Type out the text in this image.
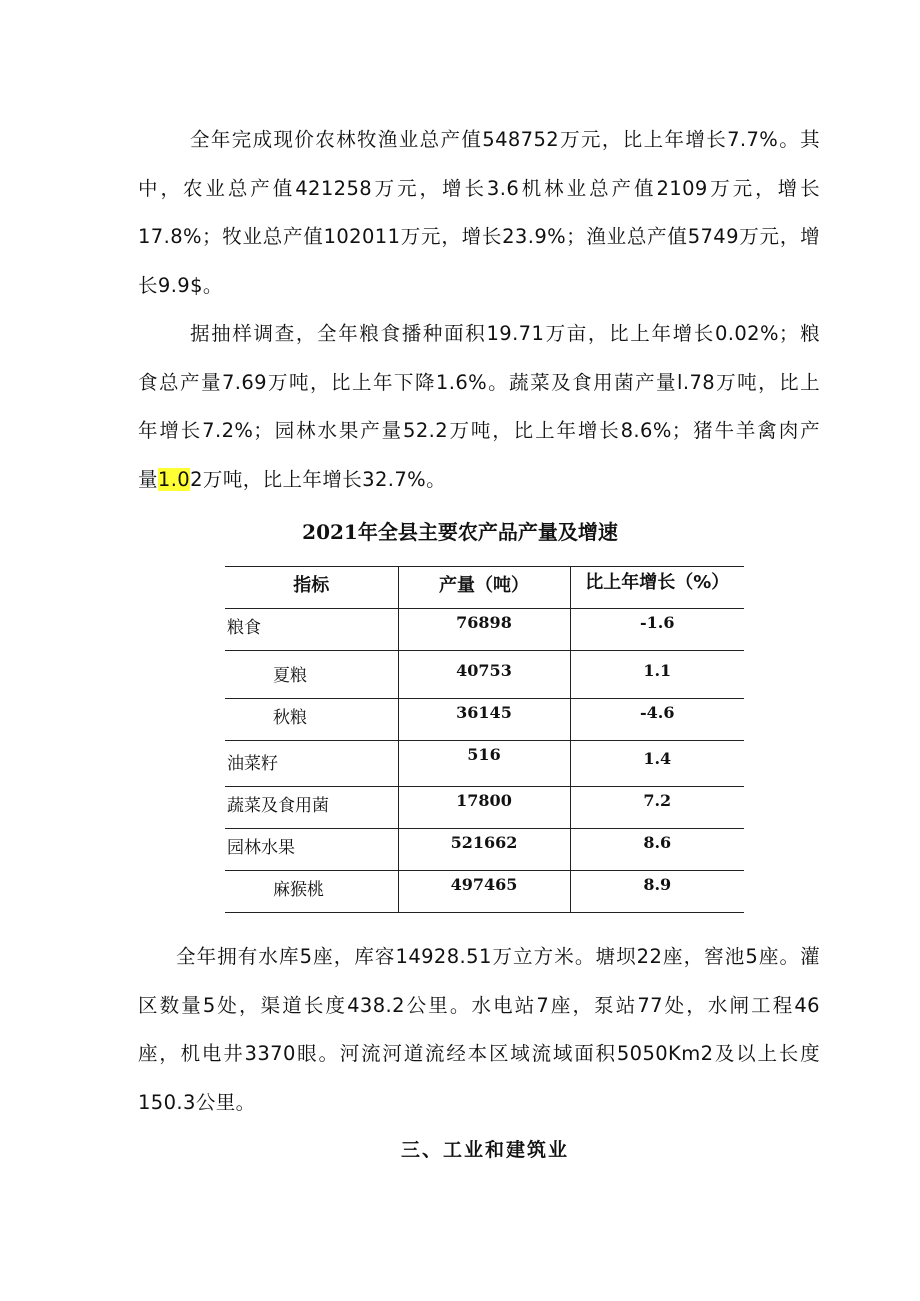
全年完成现价农林牧渔业总产值548752万元，比上年增长7.7%。其
中，农业总产值421258万元，增长3.6机林业总产值2109万元，增长
17.8%；牧业总产值102011万元，增长23.9%；渔业总产值5749万元，增
长9.9$。
据抽样调查，全年粮食播种面积19.71万亩，比上年增长0.02%；粮
食总产量7.69万吨，比上年下降1.6%。蔬菜及食用菌产量l.78万吨，比上
年增长7.2%；园林水果产量52.2万吨，比上年增长8.6%；猪牛羊禽肉产
量1.02万吨，比上年增长32.7%。
2021年全县主要农产品产量及增速
指标	产量（吨）	比上年增长（%）
粮食	76898	-1.6
夏粮	40753	1.1
秋粮	36145	-4.6
油菜籽	516	1.4
蔬菜及食用菌	17800	7.2
园林水果	521662	8.6
麻猴桃	497465	8.9
全年拥有水库5座，库容14928.51万立方米。塘坝22座，窖池5座。灌
区数量5处，渠道长度438.2公里。水电站7座，泵站77处，水闸工程46
座，机电井3370眼。河流河道流经本区域流域面积5050Km2及以上长度
150.3公里。
三、工业和建筑业
